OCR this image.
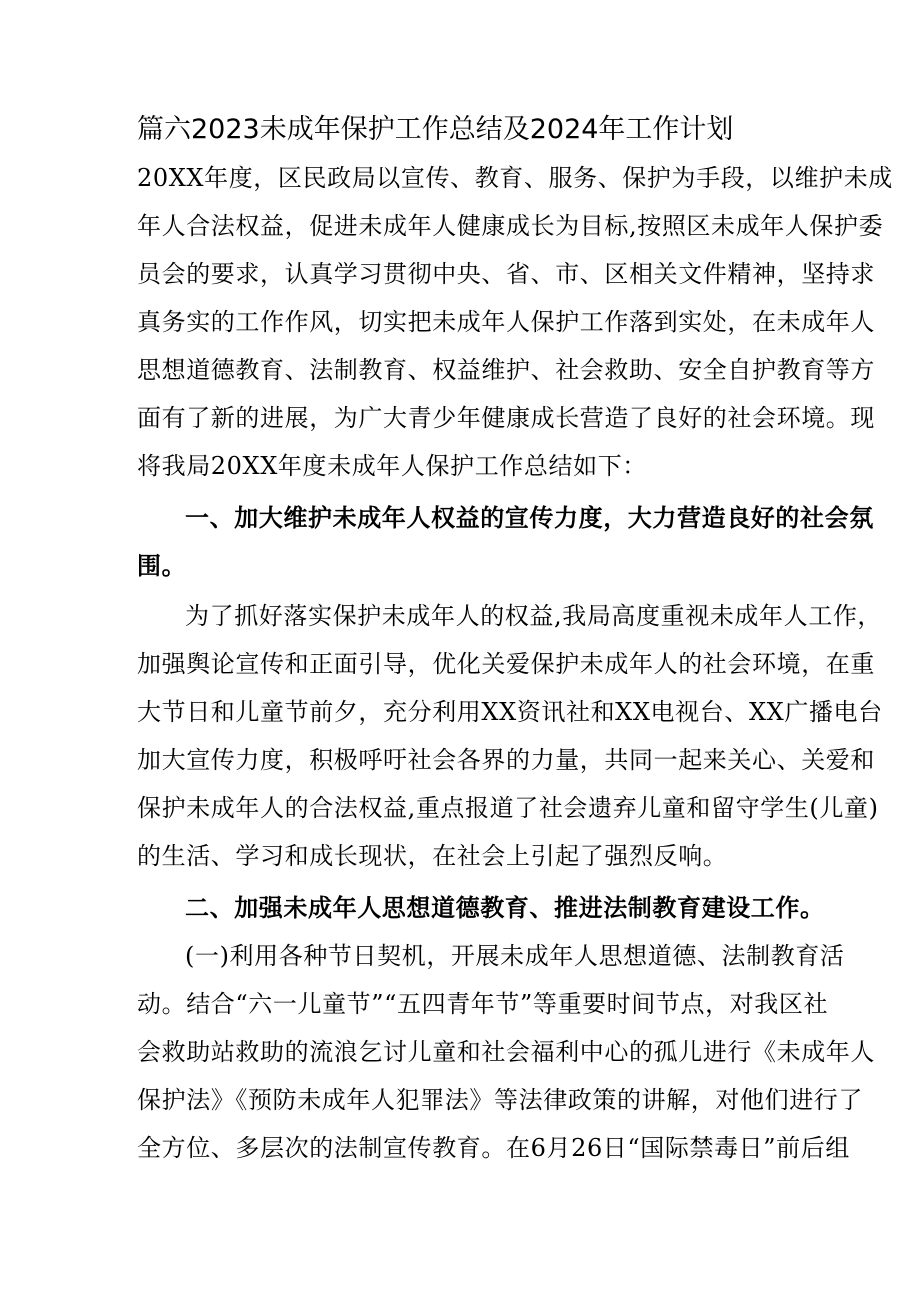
篇六2023未成年保护工作总结及2024年工作计划

20XX年度，区民政局以宣传、教育、服务、保护为手段，以维护未成

年人合法权益，促进未成年人健康成长为目标,按照区未成年人保护委

员会的要求，认真学习贯彻中央、省、市、区相关文件精神，坚持求

真务实的工作作风，切实把未成年人保护工作落到实处，在未成年人

思想道德教育、法制教育、权益维护、社会救助、安全自护教育等方

面有了新的进展，为广大青少年健康成长营造了良好的社会环境。现

将我局20XX年度未成年人保护工作总结如下：

一、加大维护未成年人权益的宣传力度，大力营造良好的社会氛

围。

为了抓好落实保护未成年人的权益,我局高度重视未成年人工作，

加强舆论宣传和正面引导，优化关爱保护未成年人的社会环境，在重

大节日和儿童节前夕，充分利用XX资讯社和XX电视台、XX广播电台

加大宣传力度，积极呼吁社会各界的力量，共同一起来关心、关爱和

保护未成年人的合法权益,重点报道了社会遗弃儿童和留守学生(儿童)

的生活、学习和成长现状，在社会上引起了强烈反响。

二、加强未成年人思想道德教育、推进法制教育建设工作。

(一)利用各种节日契机，开展未成年人思想道德、法制教育活

动。结合“六一儿童节”“五四青年节”等重要时间节点，对我区社

会救助站救助的流浪乞讨儿童和社会福利中心的孤儿进行《未成年人

保护法》《预防未成年人犯罪法》等法律政策的讲解，对他们进行了

全方位、多层次的法制宣传教育。在6月26日“国际禁毒日”前后组
